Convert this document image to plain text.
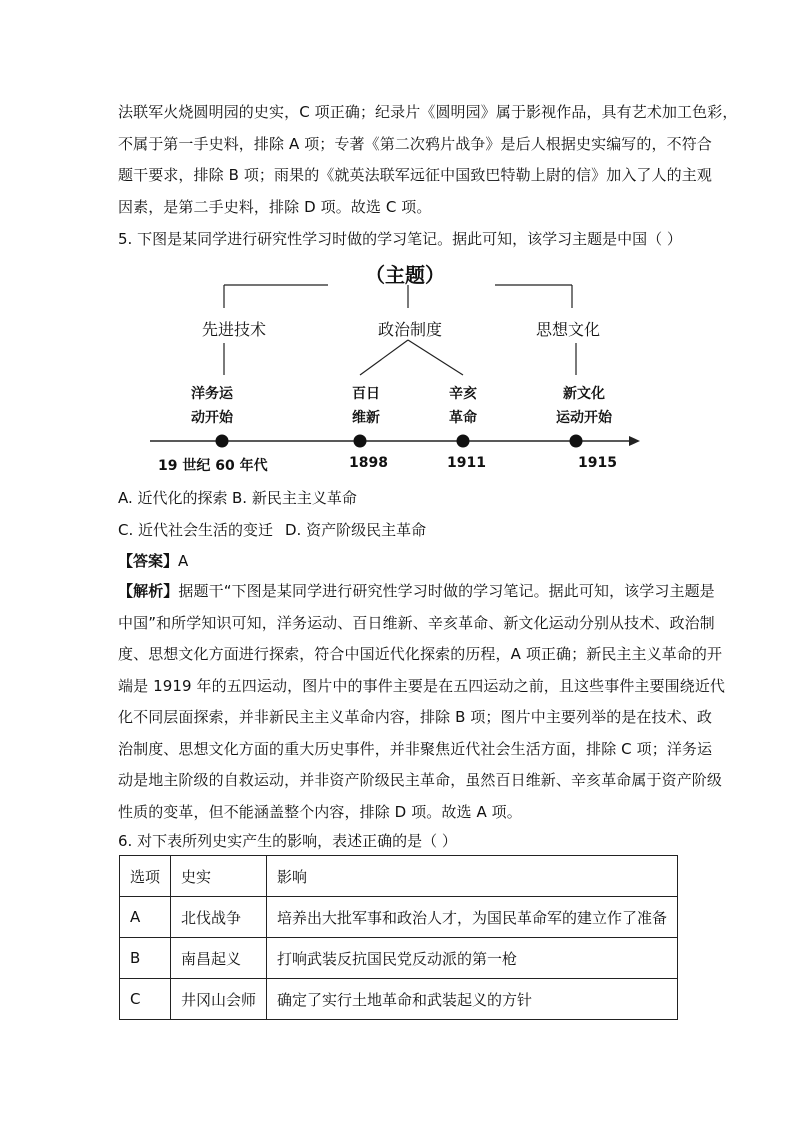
法联军火烧圆明园的史实，C 项正确；纪录片《圆明园》属于影视作品，具有艺术加工色彩，
不属于第一手史料，排除 A 项；专著《第二次鸦片战争》是后人根据史实编写的，不符合
题干要求，排除 B 项；雨果的《就英法联军远征中国致巴特勒上尉的信》加入了人的主观
因素，是第二手史料，排除 D 项。故选 C 项。
5. 下图是某同学进行研究性学习时做的学习笔记。据此可知，该学习主题是中国（ ）
（主题）
先进技术	政治制度	思想文化
洋务运
动开始
百日
维新
辛亥
革命
新文化
运动开始
19 世纪 60 年代	1898	1911	1915
A. 近代化的探索 B. 新民主主义革命
C. 近代社会生活的变迁 D. 资产阶级民主革命
【答案】A
【解析】据题干“下图是某同学进行研究性学习时做的学习笔记。据此可知，该学习主题是
中国”和所学知识可知，洋务运动、百日维新、辛亥革命、新文化运动分别从技术、政治制
度、思想文化方面进行探索，符合中国近代化探索的历程，A 项正确；新民主主义革命的开
端是 1919 年的五四运动，图片中的事件主要是在五四运动之前，且这些事件主要围绕近代
化不同层面探索，并非新民主主义革命内容，排除 B 项；图片中主要列举的是在技术、政
治制度、思想文化方面的重大历史事件，并非聚焦近代社会生活方面，排除 C 项；洋务运
动是地主阶级的自救运动，并非资产阶级民主革命，虽然百日维新、辛亥革命属于资产阶级
性质的变革，但不能涵盖整个内容，排除 D 项。故选 A 项。
6. 对下表所列史实产生的影响，表述正确的是（ ）
选项	史实	影响
A	北伐战争	培养出大批军事和政治人才，为国民革命军的建立作了准备
B	南昌起义	打响武装反抗国民党反动派的第一枪
C	井冈山会师	确定了实行土地革命和武装起义的方针
